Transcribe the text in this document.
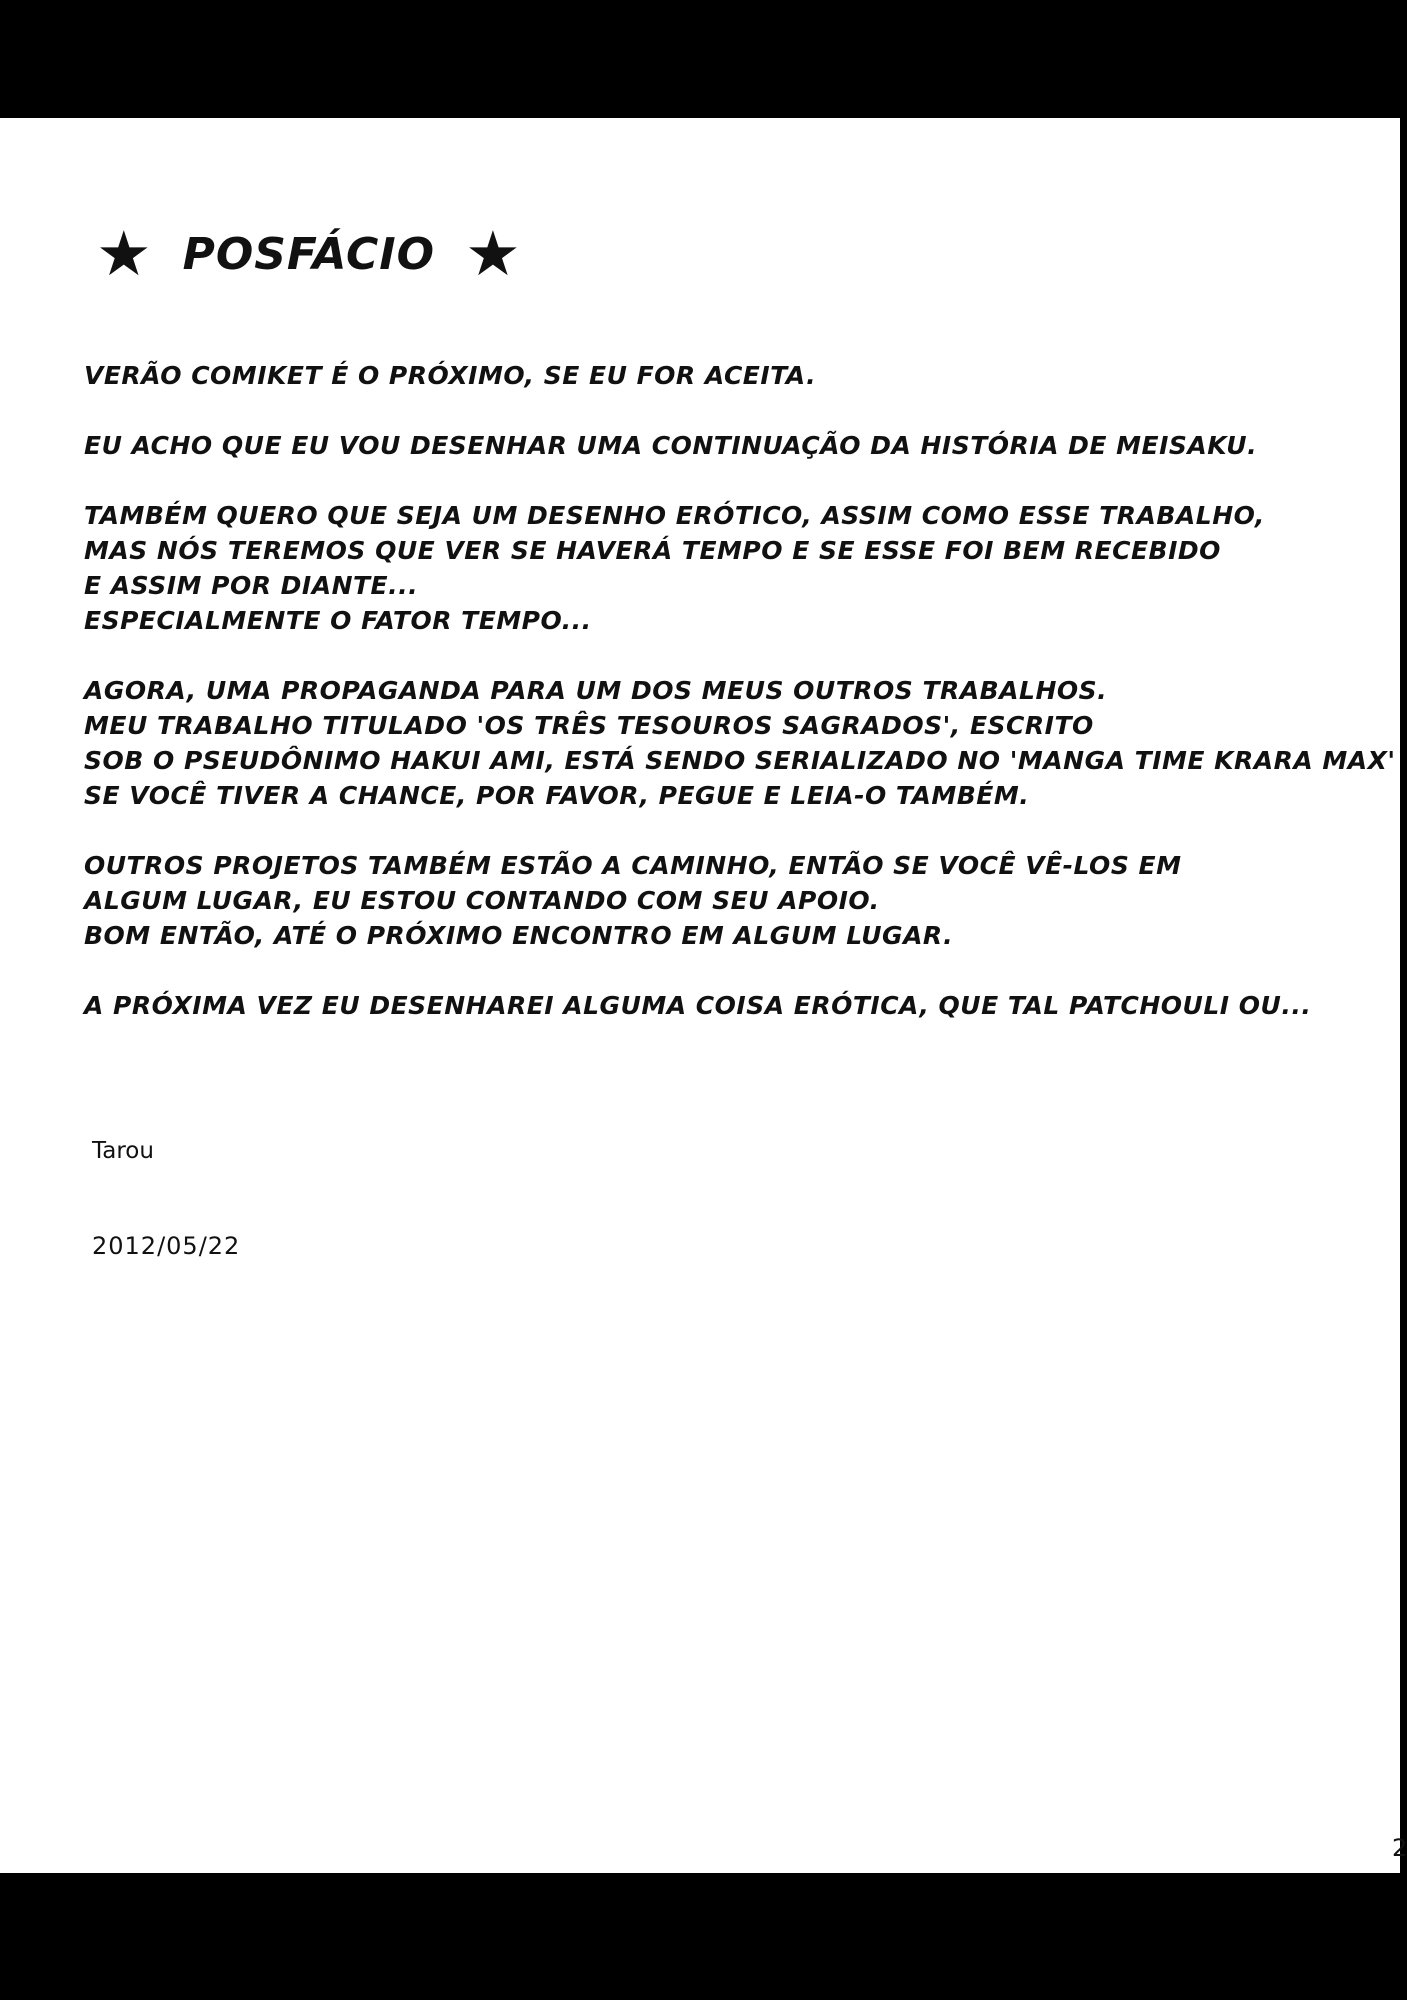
★ POSFÁCIO ★
VERÃO COMIKET É O PRÓXIMO, SE EU FOR ACEITA.
EU ACHO QUE EU VOU DESENHAR UMA CONTINUAÇÃO DA HISTÓRIA DE MEISAKU.
TAMBÉM QUERO QUE SEJA UM DESENHO ERÓTICO, ASSIM COMO ESSE TRABALHO,
MAS NÓS TEREMOS QUE VER SE HAVERÁ TEMPO E SE ESSE FOI BEM RECEBIDO
E ASSIM POR DIANTE...
ESPECIALMENTE O FATOR TEMPO...
AGORA, UMA PROPAGANDA PARA UM DOS MEUS OUTROS TRABALHOS.
MEU TRABALHO TITULADO 'OS TRÊS TESOUROS SAGRADOS', ESCRITO
SOB O PSEUDÔNIMO HAKUI AMI, ESTÁ SENDO SERIALIZADO NO 'MANGA TIME KRARA MAX'
SE VOCÊ TIVER A CHANCE, POR FAVOR, PEGUE E LEIA-O TAMBÉM.
OUTROS PROJETOS TAMBÉM ESTÃO A CAMINHO, ENTÃO SE VOCÊ VÊ-LOS EM
ALGUM LUGAR, EU ESTOU CONTANDO COM SEU APOIO.
BOM ENTÃO, ATÉ O PRÓXIMO ENCONTRO EM ALGUM LUGAR.
A PRÓXIMA VEZ EU DESENHAREI ALGUMA COISA ERÓTICA, QUE TAL PATCHOULI OU...
Tarou
2012/05/22
2
